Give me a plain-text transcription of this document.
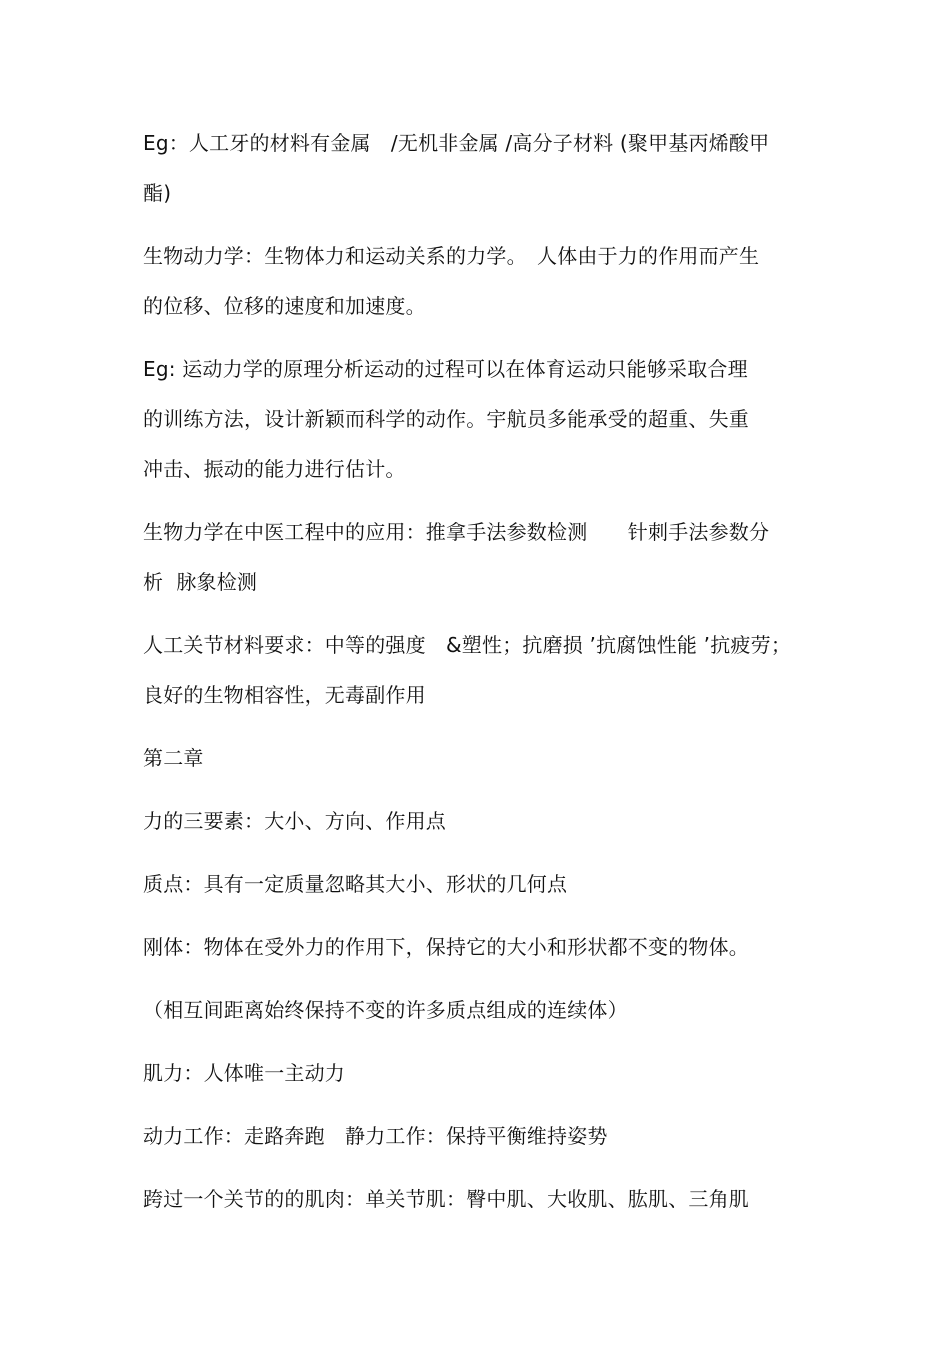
Eg：人工牙的材料有金属　/无机非金属 /高分子材料 (聚甲基丙烯酸甲
酯)
生物动力学：生物体力和运动关系的力学。　人体由于力的作用而产生
的位移、位移的速度和加速度。
Eg: 运动力学的原理分析运动的过程可以在体育运动只能够采取合理
的训练方法，设计新颖而科学的动作。宇航员多能承受的超重、失重
冲击、振动的能力进行估计。
生物力学在中医工程中的应用：推拿手法参数检测　　针刺手法参数分
析  脉象检测
人工关节材料要求：中等的强度　&塑性；抗磨损 ’抗腐蚀性能 ’抗疲劳；
良好的生物相容性，无毒副作用
第二章
力的三要素：大小、方向、作用点
质点：具有一定质量忽略其大小、形状的几何点
刚体：物体在受外力的作用下，保持它的大小和形状都不变的物体。
（相互间距离始终保持不变的许多质点组成的连续体）
肌力：人体唯一主动力
动力工作：走路奔跑　静力工作：保持平衡维持姿势
跨过一个关节的的肌肉：单关节肌：臀中肌、大收肌、肱肌、三角肌
